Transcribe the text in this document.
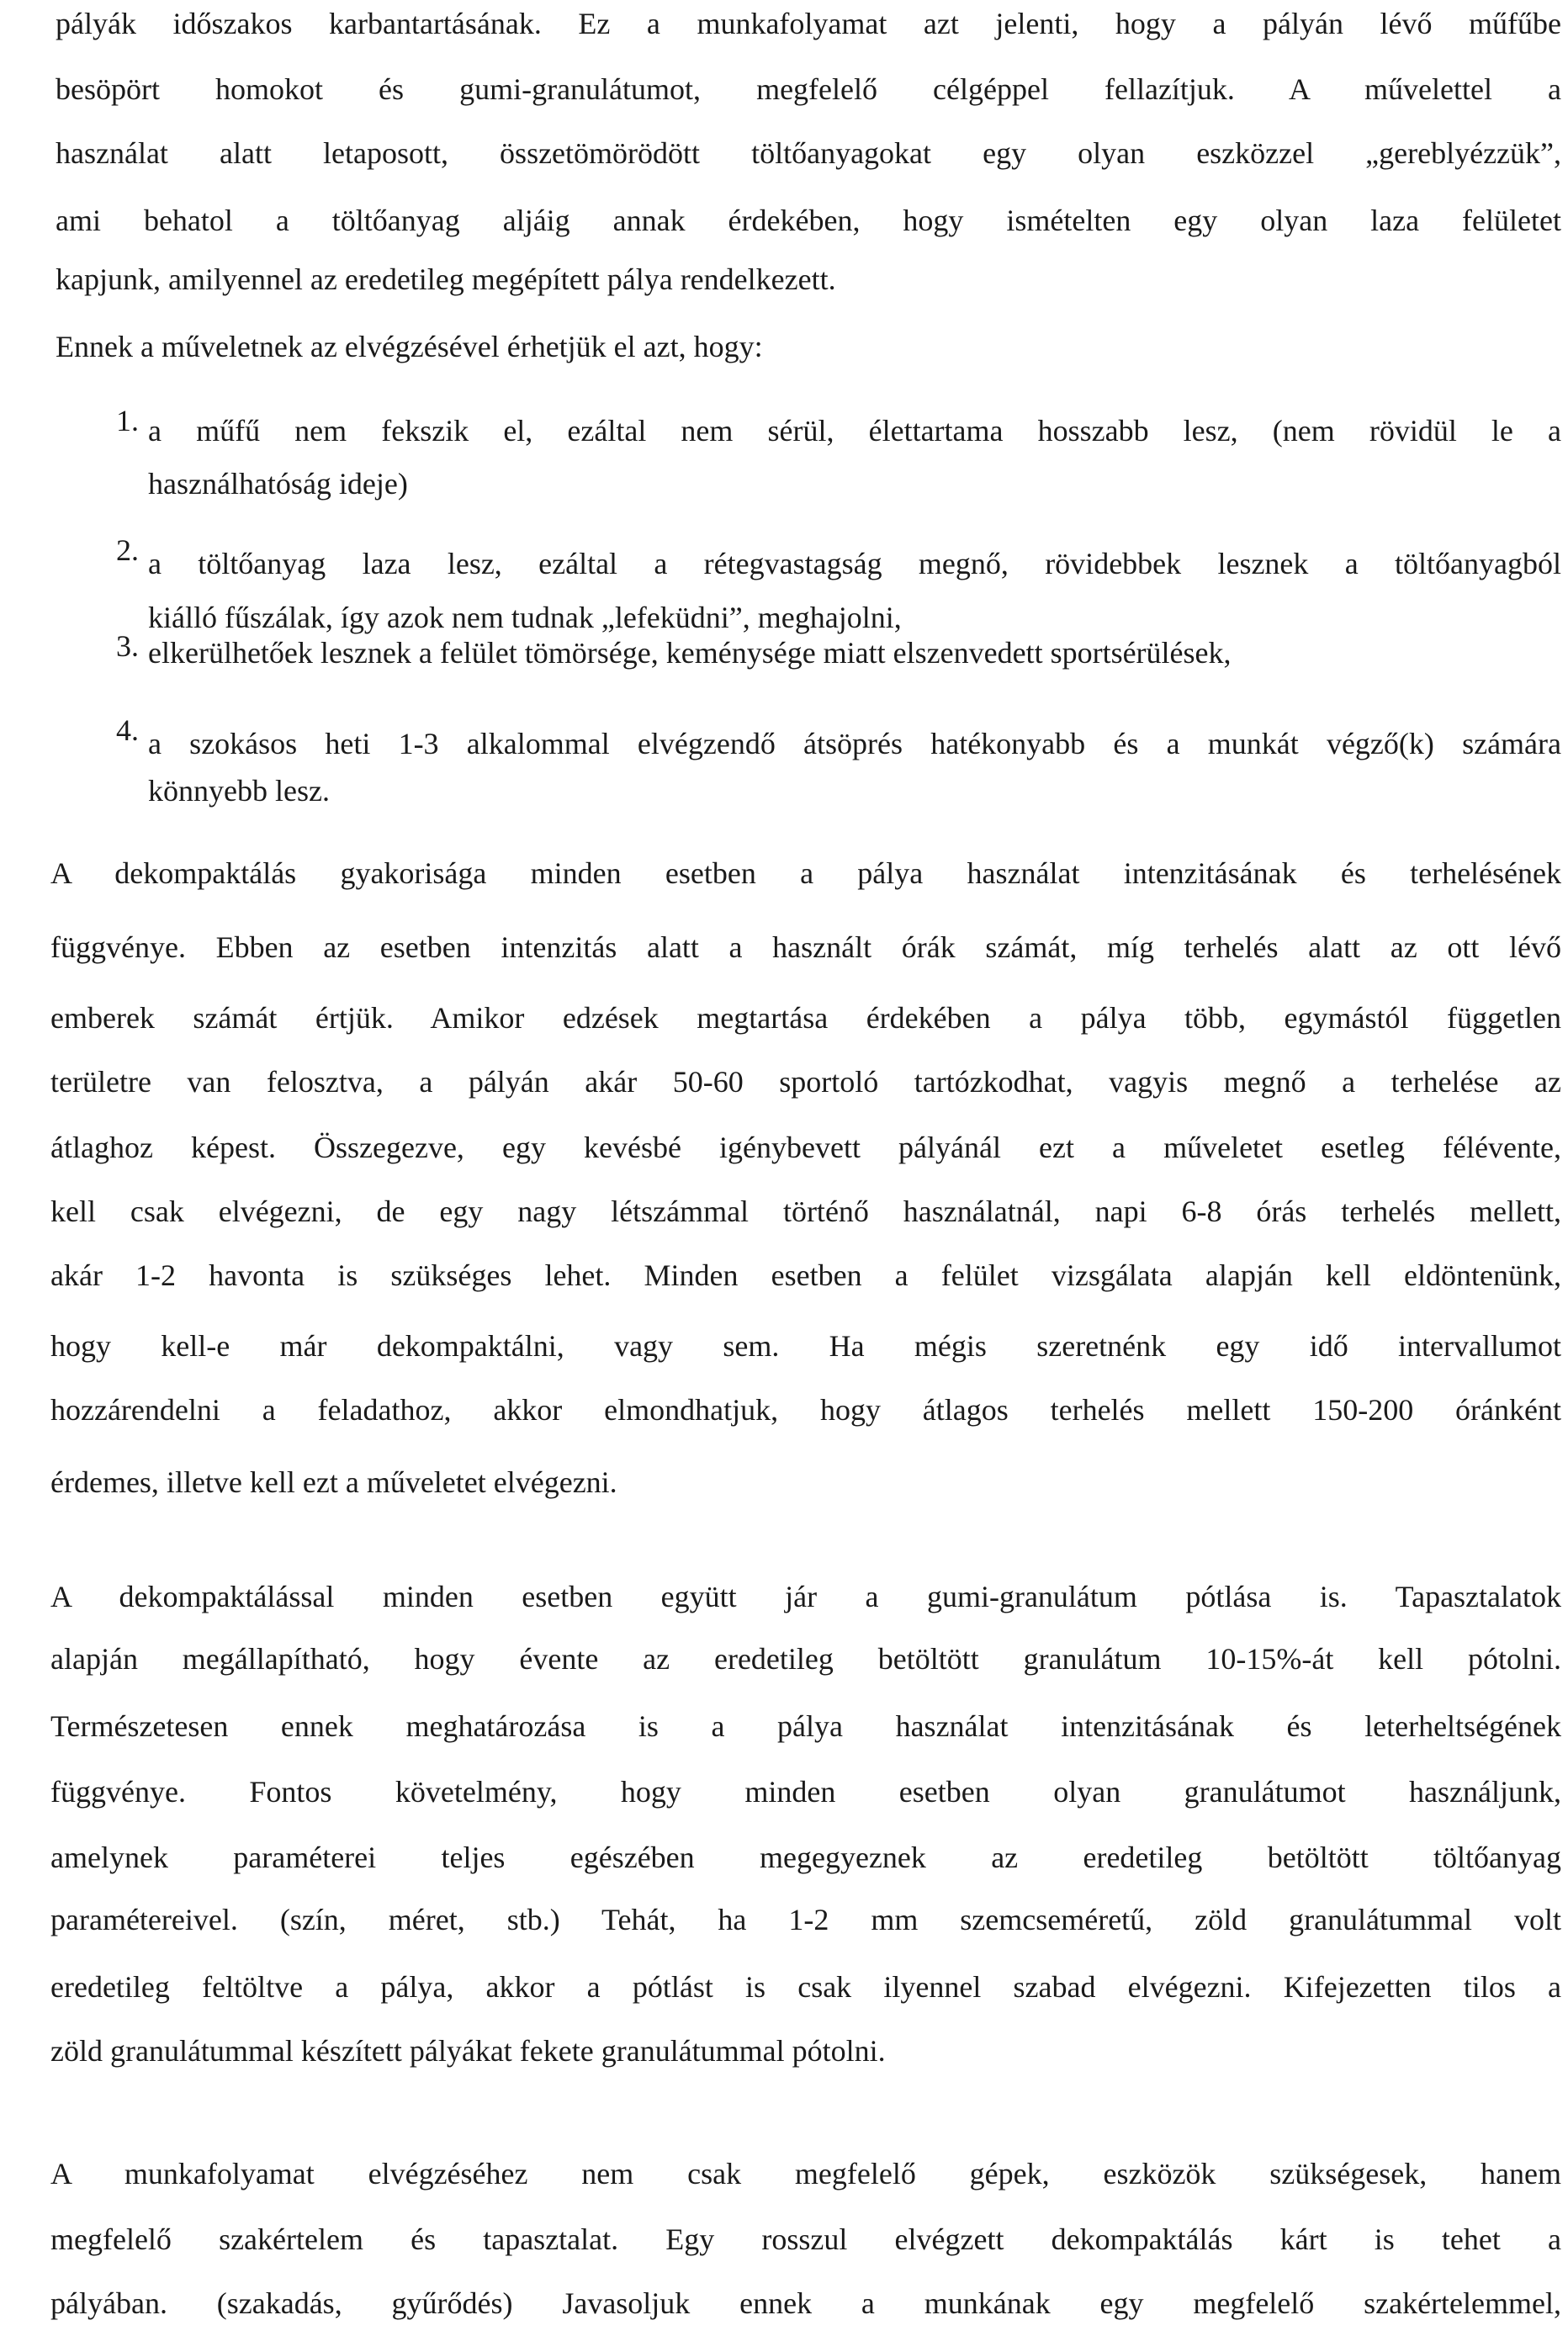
pályák időszakos karbantartásának. Ez a munkafolyamat azt jelenti, hogy a pályán lévő műfűbe

besöpört homokot és gumi-granulátumot, megfelelő célgéppel fellazítjuk. A művelettel a

használat alatt letaposott, összetömörödött töltőanyagokat egy olyan eszközzel „gereblyézzük”,

ami behatol a töltőanyag aljáig annak érdekében, hogy ismételten egy olyan laza felületet

kapjunk, amilyennel az eredetileg megépített pálya rendelkezett.

Ennek a műveletnek az elvégzésével érhetjük el azt, hogy:

1. a műfű nem fekszik el, ezáltal nem sérül, élettartama hosszabb lesz, (nem rövidül le a

használhatóság ideje)

2. a töltőanyag laza lesz, ezáltal a rétegvastagság megnő, rövidebbek lesznek a töltőanyagból

kiálló fűszálak, így azok nem tudnak „lefeküdni”, meghajolni,

3. elkerülhetőek lesznek a felület tömörsége, keménysége miatt elszenvedett sportsérülések,

4. a szokásos heti 1-3 alkalommal elvégzendő átsöprés hatékonyabb és a munkát végző(k) számára

könnyebb lesz.

A dekompaktálás gyakorisága minden esetben a pálya használat intenzitásának és terhelésének

függvénye. Ebben az esetben intenzitás alatt a használt órák számát, míg terhelés alatt az ott lévő

emberek számát értjük. Amikor edzések megtartása érdekében a pálya több, egymástól független

területre van felosztva, a pályán akár 50-60 sportoló tartózkodhat, vagyis megnő a terhelése az

átlaghoz képest. Összegezve, egy kevésbé igénybevett pályánál ezt a műveletet esetleg félévente,

kell csak elvégezni, de egy nagy létszámmal történő használatnál, napi 6-8 órás terhelés mellett,

akár 1-2 havonta is szükséges lehet. Minden esetben a felület vizsgálata alapján kell eldöntenünk,

hogy kell-e már dekompaktálni, vagy sem. Ha mégis szeretnénk egy idő intervallumot

hozzárendelni a feladathoz, akkor elmondhatjuk, hogy átlagos terhelés mellett 150-200 óránként

érdemes, illetve kell ezt a műveletet elvégezni.

A dekompaktálással minden esetben együtt jár a gumi-granulátum pótlása is. Tapasztalatok

alapján megállapítható, hogy évente az eredetileg betöltött granulátum 10-15%-át kell pótolni.

Természetesen ennek meghatározása is a pálya használat intenzitásának és leterheltségének

függvénye. Fontos követelmény, hogy minden esetben olyan granulátumot használjunk,

amelynek paraméterei teljes egészében megegyeznek az eredetileg betöltött töltőanyag

paramétereivel. (szín, méret, stb.) Tehát, ha 1-2 mm szemcseméretű, zöld granulátummal volt

eredetileg feltöltve a pálya, akkor a pótlást is csak ilyennel szabad elvégezni. Kifejezetten tilos a

zöld granulátummal készített pályákat fekete granulátummal pótolni.

A munkafolyamat elvégzéséhez nem csak megfelelő gépek, eszközök szükségesek, hanem

megfelelő szakértelem és tapasztalat. Egy rosszul elvégzett dekompaktálás kárt is tehet a

pályában. (szakadás, gyűrődés) Javasoljuk ennek a munkának egy megfelelő szakértelemmel,
